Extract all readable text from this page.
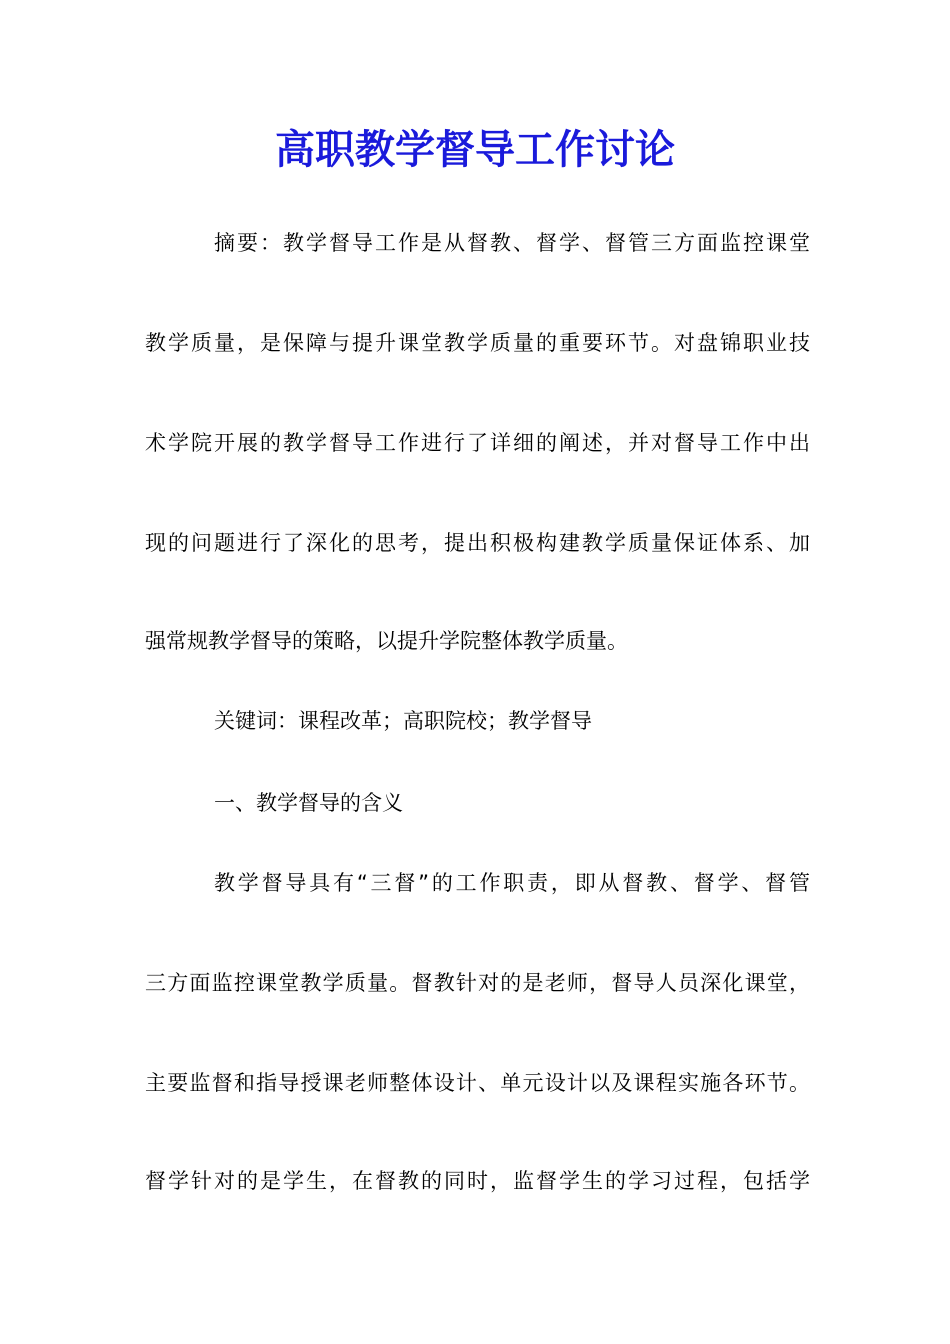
高职教学督导工作讨论

摘要：教学督导工作是从督教、督学、督管三方面监控课堂

教学质量，是保障与提升课堂教学质量的重要环节。对盘锦职业技

术学院开展的教学督导工作进行了详细的阐述，并对督导工作中出

现的问题进行了深化的思考，提出积极构建教学质量保证体系、加

强常规教学督导的策略，以提升学院整体教学质量。

关键词：课程改革；高职院校；教学督导

一、教学督导的含义

教学督导具有“三督”的工作职责，即从督教、督学、督管

三方面监控课堂教学质量。督教针对的是老师，督导人员深化课堂，

主要监督和指导授课老师整体设计、单元设计以及课程实施各环节。

督学针对的是学生，在督教的同时，监督学生的学习过程，包括学
